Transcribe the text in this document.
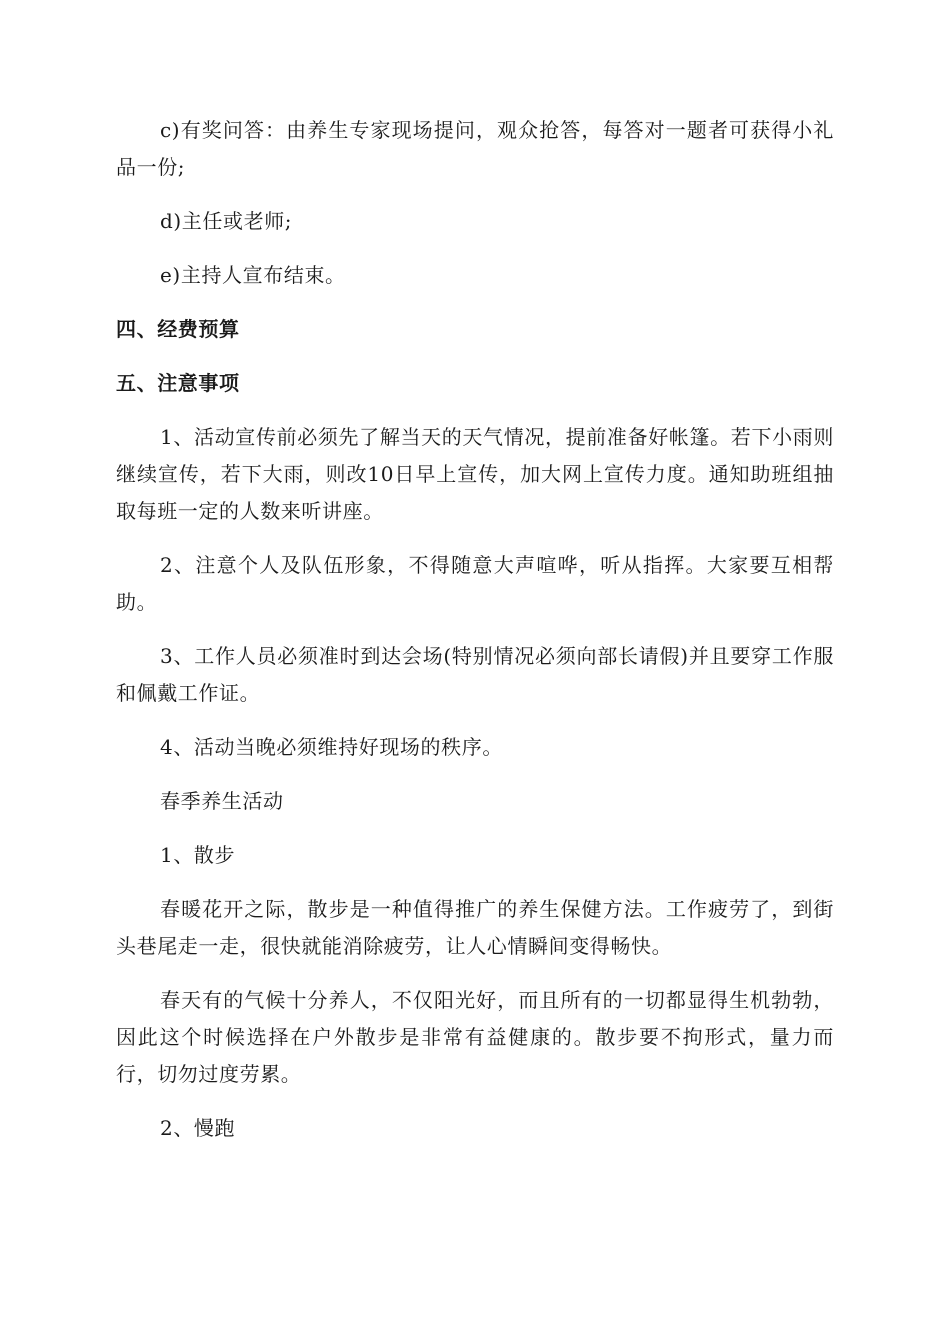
c)有奖问答：由养生专家现场提问，观众抢答，每答对一题者可获得小礼品一份;

d)主任或老师;

e)主持人宣布结束。

四、经费预算
五、注意事项

1、活动宣传前必须先了解当天的天气情况，提前准备好帐篷。若下小雨则继续宣传，若下大雨，则改10日早上宣传，加大网上宣传力度。通知助班组抽取每班一定的人数来听讲座。

2、注意个人及队伍形象，不得随意大声喧哗，听从指挥。大家要互相帮助。

3、工作人员必须准时到达会场(特别情况必须向部长请假)并且要穿工作服和佩戴工作证。

4、活动当晚必须维持好现场的秩序。

春季养生活动

1、散步

春暖花开之际，散步是一种值得推广的养生保健方法。工作疲劳了，到街头巷尾走一走，很快就能消除疲劳，让人心情瞬间变得畅快。

春天有的气候十分养人，不仅阳光好，而且所有的一切都显得生机勃勃，因此这个时候选择在户外散步是非常有益健康的。散步要不拘形式，量力而行，切勿过度劳累。

2、慢跑
